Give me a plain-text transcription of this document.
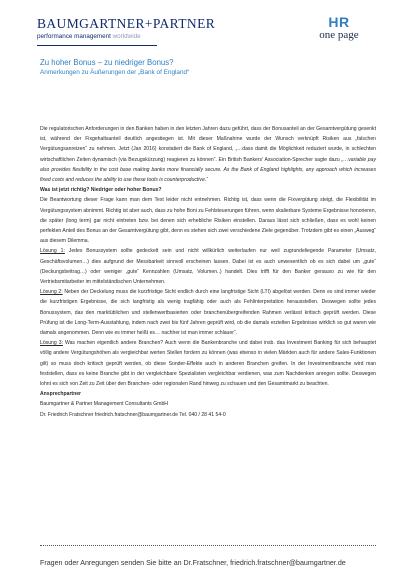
BAUMGARTNER+PARTNER
performance management worldwide
HR
one page
Zu hoher Bonus – zu niedriger Bonus?
Anmerkungen zu Äußerungen der „Bank of England“

Die regulatorischen Anforderungen in den Banken haben in den letzten Jahren dazu geführt, dass der Bonusanteil an der Gesamtvergütung gesenkt ist, während der Fixgehaltsanteil deutlich angestiegen ist. Mit dieser Maßnahme wurde der Wunsch verknüpft Risiken aus „falschen Vergütungsanreizen“ zu nehmen. Jetzt (Jan 2016) konstatiert die Bank of England, „…dass damit die Möglichkeit reduziert wurde, in schlechten wirtschaftlichen Zeiten dynamisch (via Bezugskürzung) reagieren zu können“. Ein British Bankers' Association-Sprecher sagte dazu „…variable pay also provides flexibility in the cost base making banks more financially secure. As the Bank of England highlights, any approach which increases fixed costs and reduces the ability to use these tools is counterproductive.“

Was ist jetzt richtig? Niedriger oder hoher Bonus?

Die Beantwortung dieser Frage kann man dem Text leider nicht entnehmen. Richtig ist, dass wenn die Fixvergütung steigt, die Flexibilität im Vergütungssystem abnimmt. Richtig ist aber auch, dass zu hohe Boni zu Fehlsteuerungen führen, wenn skalierbare Systeme Ergebnisse honorieren, die später (long term) gar nicht eintreten bzw. bei denen sich erhebliche Risiken einstellen. Daraus lässt sich schließen, dass es wohl keinen perfekten Anteil des Bonus an der Gesamtvergütung gibt, denn es stehen sich zwei verschiedene Ziele gegenüber. Trotzdem gibt es einen „Ausweg“ aus diesem Dilemma.

Lösung 1: Jedes Bonussystem sollte gedeckelt sein und nicht willkürlich weiterlaufen nur weil zugrundeliegende Parameter (Umsatz, Geschäftsvolumen…) dies aufgrund der Messbarkeit sinnvoll erscheinen lassen. Dabei ist es auch unwesentlich ob es sich dabei um „gute“ (Deckungsbeitrag…) oder weniger „gute“ Kennzahlen (Umsatz, Volumen..) handelt. Dies trifft für den Banker genauso zu wie für den Vertriebsmitarbeiter im mittelständischen Unternehmen.

Lösung 2: Neben der Deckelung muss die kurzfristige Sicht endlich durch eine langfristige Sicht (LTI) abgelöst werden. Denn es sind immer wieder die kurzfristigen Ergebnisse, die sich langfristig als wenig tragfähig oder auch als Fehlinterpretation herausstellen. Deswegen sollte jedes Bonussystem, das den marktüblichen und stellenwertbasierten oder branchenübergreifenden Rahmen verlässt kritisch geprüft werden. Diese Prüfung ist die Long-Term-Ausstahlung, indem nach zwei bis fünf Jahren geprüft wird, ob die damals erzielten Ergebnisse wirklich so gut waren wie damals angenommen. Denn wie es immer heißt es… nachher ist man immer schlauer“.

Lösung 3: Was machen eigentlich andere Branchen? Auch wenn die Bankenbranche und dabei insb. das Investment Banking für sich behauptet völlig andere Vergütungshöhen als vergleichbar werten Stellen fordern zu können (was ebenso in vielen Märkten auch für andere Sales-Funktionen gilt) so muss doch kritisch geprüft werden, ob diese Sonder-Effekte auch in anderen Branchen greifen. In der Investmentbranche wird man feststellen, dass es keine Branche gibt in der vergleichbare Spezialisten vergleichbar verdienen, was zum Nachdenken anregen sollte. Deswegen lohnt es sich von Zeit zu Zeit über den Branchen- oder regionalen Rand hinweg zu schauen und den Gesamtmarkt zu beachten.

Ansprechpartner

Baumgartner & Partner Management Consultants GmbH

Dr. Friedrich Fratschner friedrich.fratschner@baumgartner.de Tel. 040 / 28 41 54-0

Fragen oder Anregungen senden Sie bitte an Dr.Fratschner, friedrich.fratschner@baumgartner.de
